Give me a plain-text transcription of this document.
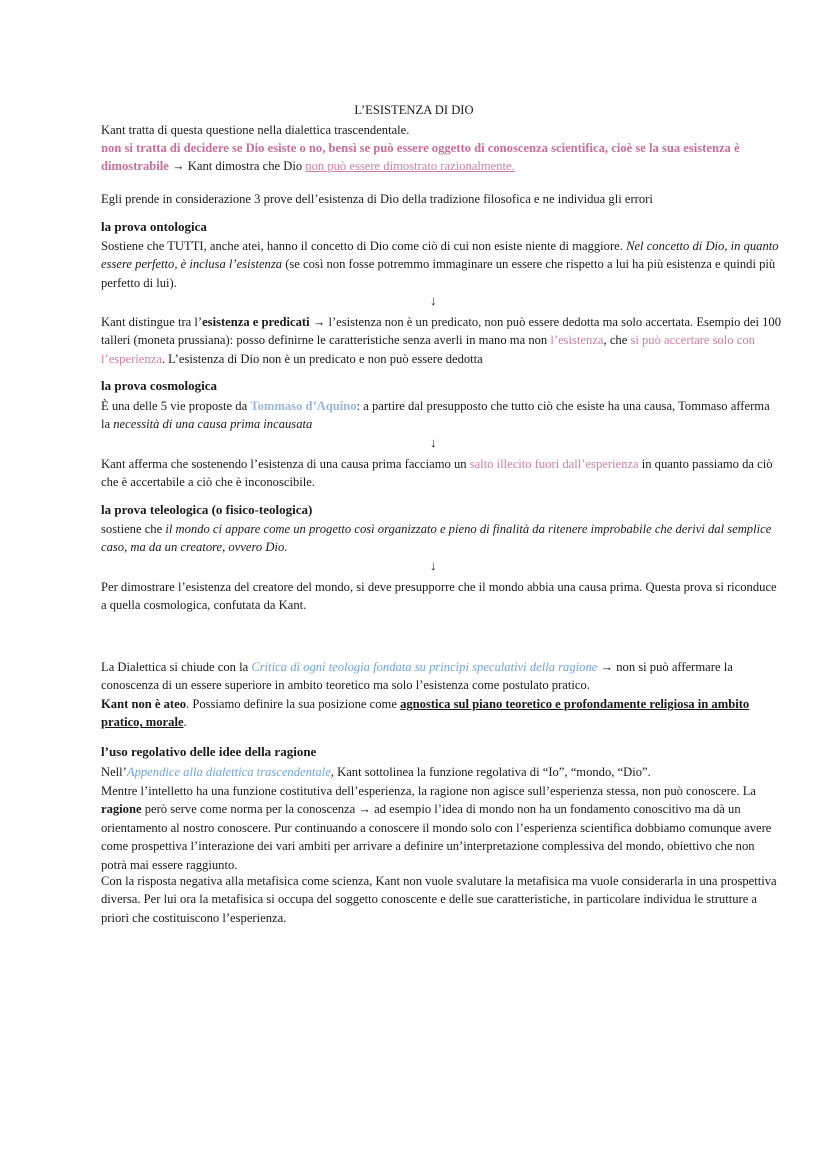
L’ESISTENZA DI DIO
Kant tratta di questa questione nella dialettica trascendentale.
non si tratta di decidere se Dio esiste o no, bensì se può essere oggetto di conoscenza scientifica, cioè se la sua esistenza è dimostrabile → Kant dimostra che Dio non può essere dimostrato razionalmente.
Egli prende in considerazione 3 prove dell’esistenza di Dio della tradizione filosofica e ne individua gli errori
la prova ontologica
Sostiene che TUTTI, anche atei, hanno il concetto di Dio come ciò di cui non esiste niente di maggiore. Nel concetto di Dio, in quanto essere perfetto, è inclusa l’esistenza (se così non fosse potremmo immaginare un essere che rispetto a lui ha più esistenza e quindi più perfetto di lui).
↓
Kant distingue tra l’esistenza e predicati → l’esistenza non è un predicato, non può essere dedotta ma solo accertata. Esempio dei 100 talleri (moneta prussiana): posso definirne le caratteristiche senza averli in mano ma non l’esistenza, che si può accertare solo con l’esperienza. L’esistenza di Dio non è un predicato e non può essere dedotta
la prova cosmologica
È una delle 5 vie proposte da Tommaso d’Aquino: a partire dal presupposto che tutto ciò che esiste ha una causa, Tommaso afferma la necessità di una causa prima incausata
↓
Kant afferma che sostenendo l’esistenza di una causa prima facciamo un salto illecito fuori dall’esperienza in quanto passiamo da ciò che è accertabile a ciò che è inconoscibile.
la prova teleologica (o fisico-teologica)
sostiene che il mondo ci appare come un progetto così organizzato e pieno di finalità da ritenere improbabile che derivi dal semplice caso, ma da un creatore, ovvero Dio.
↓
Per dimostrare l’esistenza del creatore del mondo, si deve presupporre che il mondo abbia una causa prima. Questa prova si riconduce a quella cosmologica, confutata da Kant.
La Dialettica si chiude con la Critica di ogni teologia fondata su princìpi speculativi della ragione → non si può affermare la conoscenza di un essere superiore in ambito teoretico ma solo l’esistenza come postulato pratico.
Kant non è ateo. Possiamo definire la sua posizione come agnostica sul piano teoretico e profondamente religiosa in ambito pratico, morale.
l’uso regolativo delle idee della ragione
Nell’Appendice alla dialettica trascendentale, Kant sottolinea la funzione regolativa di “Io”, “mondo, “Dio”.
Mentre l’intelletto ha una funzione costitutiva dell’esperienza, la ragione non agisce sull’esperienza stessa, non può conoscere. La ragione però serve come norma per la conoscenza → ad esempio l’idea di mondo non ha un fondamento conoscitivo ma dà un orientamento al nostro conoscere. Pur continuando a conoscere il mondo solo con l’esperienza scientifica dobbiamo comunque avere come prospettiva l’interazione dei vari ambiti per arrivare a definire un’interpretazione complessiva del mondo, obiettivo che non potrà mai essere raggiunto.
Con la risposta negativa alla metafisica come scienza, Kant non vuole svalutare la metafisica ma vuole considerarla in una prospettiva diversa. Per lui ora la metafisica si occupa del soggetto conoscente e delle sue caratteristiche, in particolare individua le strutture a priori che costituiscono l’esperienza.
